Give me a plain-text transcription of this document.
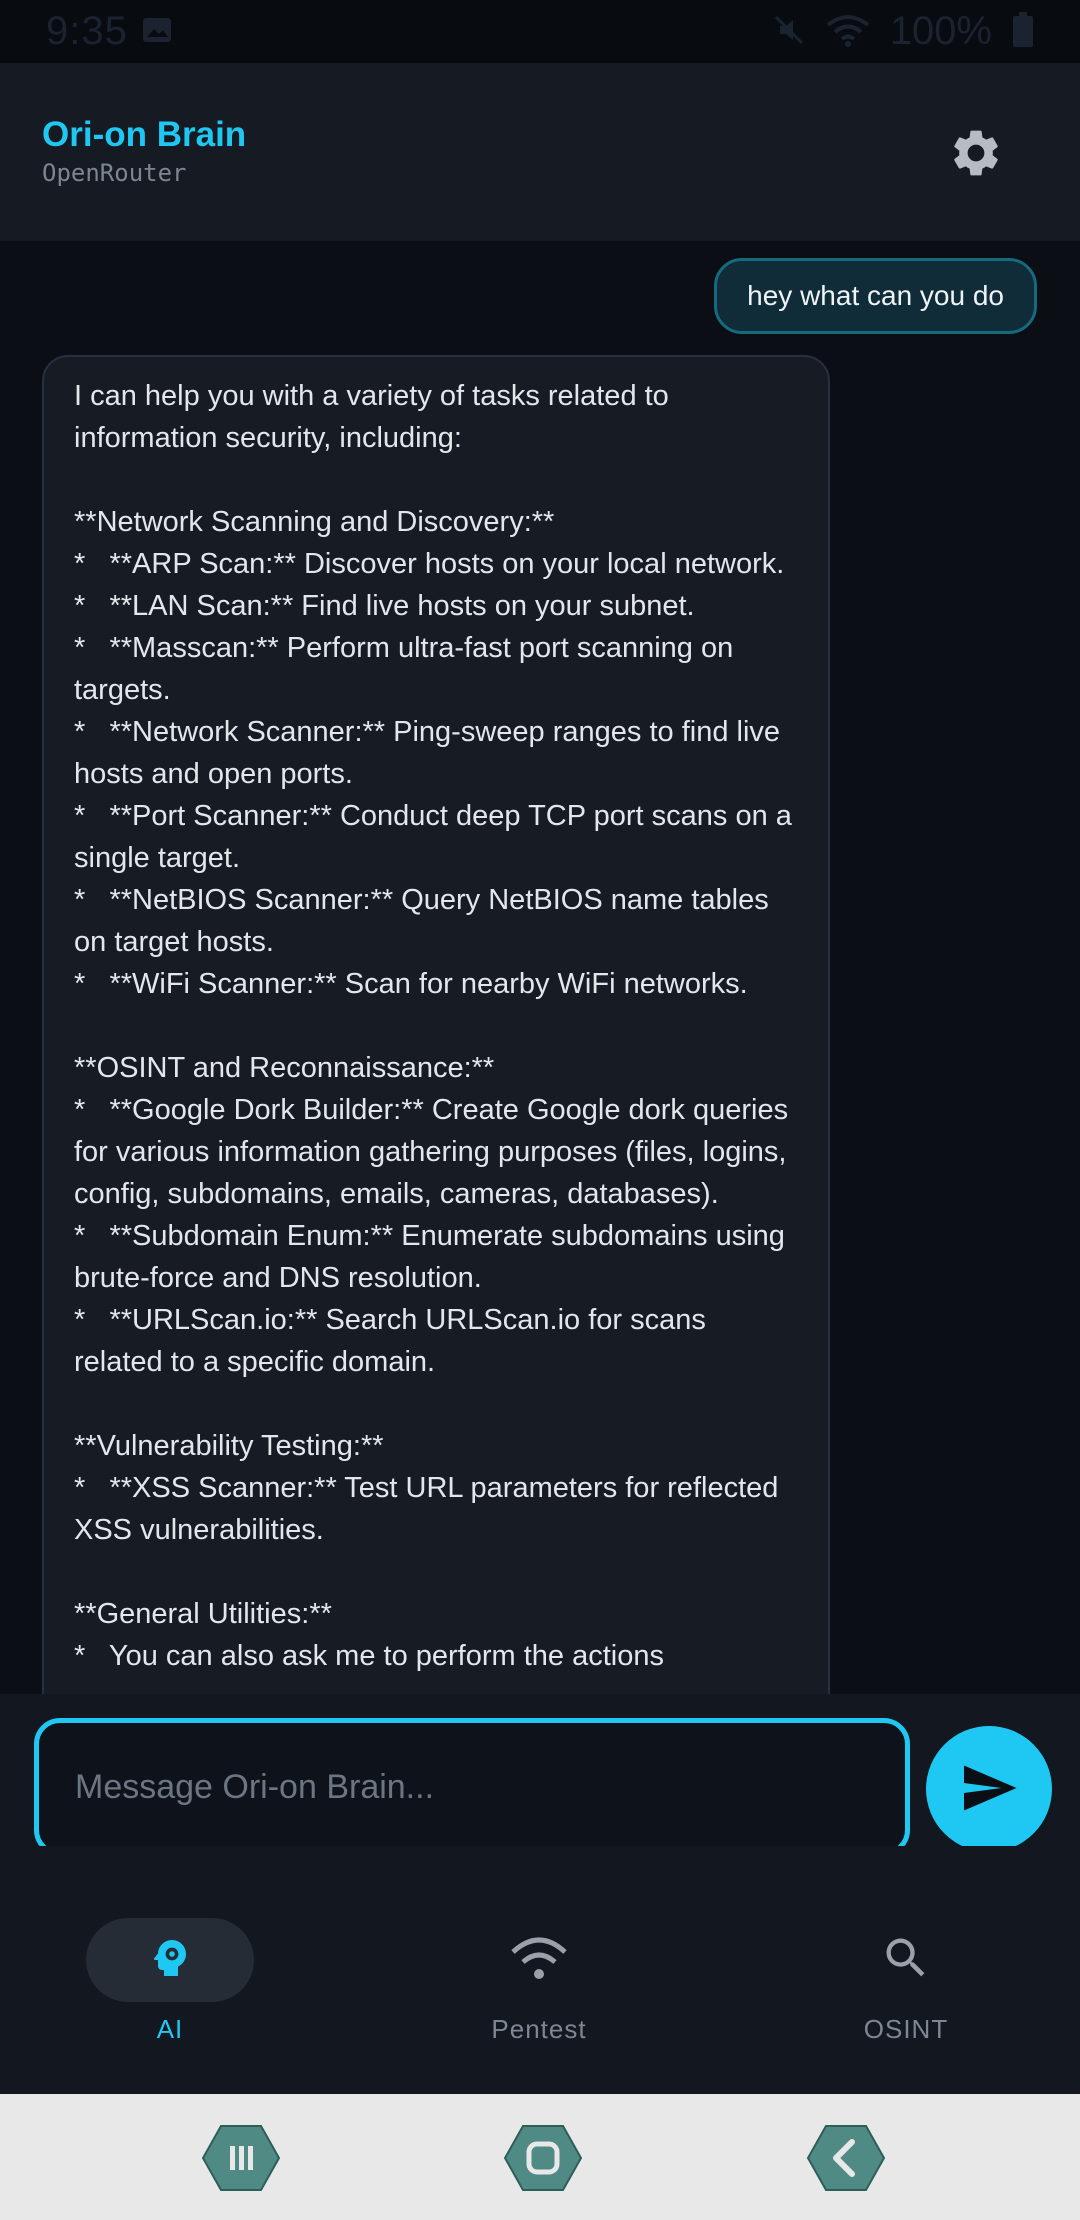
9:35	100%
Ori-on Brain
OpenRouter
hey what can you do
I can help you with a variety of tasks related to information security, including:

**Network Scanning and Discovery:**
*   **ARP Scan:** Discover hosts on your local network.
*   **LAN Scan:** Find live hosts on your subnet.
*   **Masscan:** Perform ultra-fast port scanning on targets.
*   **Network Scanner:** Ping-sweep ranges to find live hosts and open ports.
*   **Port Scanner:** Conduct deep TCP port scans on a single target.
*   **NetBIOS Scanner:** Query NetBIOS name tables on target hosts.
*   **WiFi Scanner:** Scan for nearby WiFi networks.

**OSINT and Reconnaissance:**
*   **Google Dork Builder:** Create Google dork queries for various information gathering purposes (files, logins, config, subdomains, emails, cameras, databases).
*   **Subdomain Enum:** Enumerate subdomains using brute-force and DNS resolution.
*   **URLScan.io:** Search URLScan.io for scans related to a specific domain.

**Vulnerability Testing:**
*   **XSS Scanner:** Test URL parameters for reflected XSS vulnerabilities.

**General Utilities:**
*   You can also ask me to perform the actions
Message Ori-on Brain...
AI	Pentest	OSINT
